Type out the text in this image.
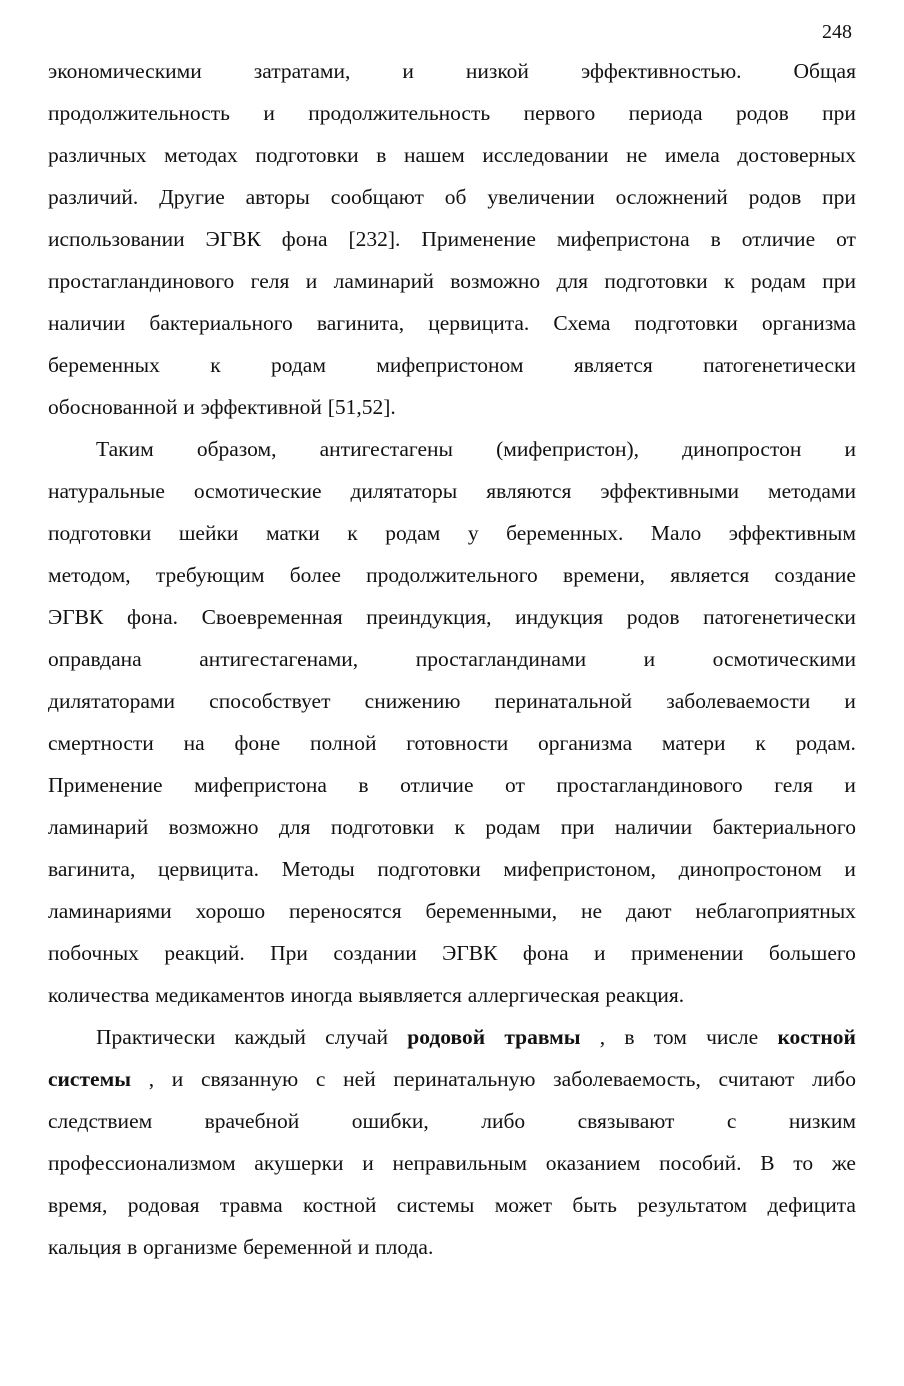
248
экономическими затратами, и низкой эффективностью. Общая
продолжительность и продолжительность первого периода родов при
различных методах подготовки в нашем исследовании не имела достоверных
различий. Другие авторы сообщают об увеличении осложнений родов при
использовании ЭГВК фона [232]. Применение мифепристона в отличие от
простагландинового геля и ламинарий возможно для подготовки к родам при
наличии бактериального вагинита, цервицита. Схема подготовки организма
беременных к родам мифепристоном является патогенетически
обоснованной и эффективной [51,52].
Таким образом, антигестагены (мифепристон), динопростон и
натуральные осмотические дилятаторы являются эффективными методами
подготовки шейки матки к родам у беременных. Мало эффективным
методом, требующим более продолжительного времени, является создание
ЭГВК фона. Своевременная преиндукция, индукция родов патогенетически
оправдана	антигестагенами,	простагландинами	и	осмотическими
дилятаторами способствует снижению перинатальной заболеваемости и
смертности на фоне полной готовности организма матери к родам.
Применение мифепристона в отличие от простагландинового геля и
ламинарий возможно для подготовки к родам при наличии бактериального
вагинита, цервицита. Методы подготовки мифепристоном, динопростоном и
ламинариями хорошо переносятся беременными, не дают неблагоприятных
побочных реакций. При создании ЭГВК фона и применении большего
количества медикаментов иногда выявляется аллергическая реакция.
Практически каждый случай родовой травмы , в том числе костной
системы , и связанную с ней перинатальную заболеваемость, считают либо
следствием врачебной ошибки, либо связывают с низким
профессионализмом акушерки и неправильным оказанием пособий. В то же
время, родовая травма костной системы может быть результатом дефицита
кальция в организме беременной и плода.
